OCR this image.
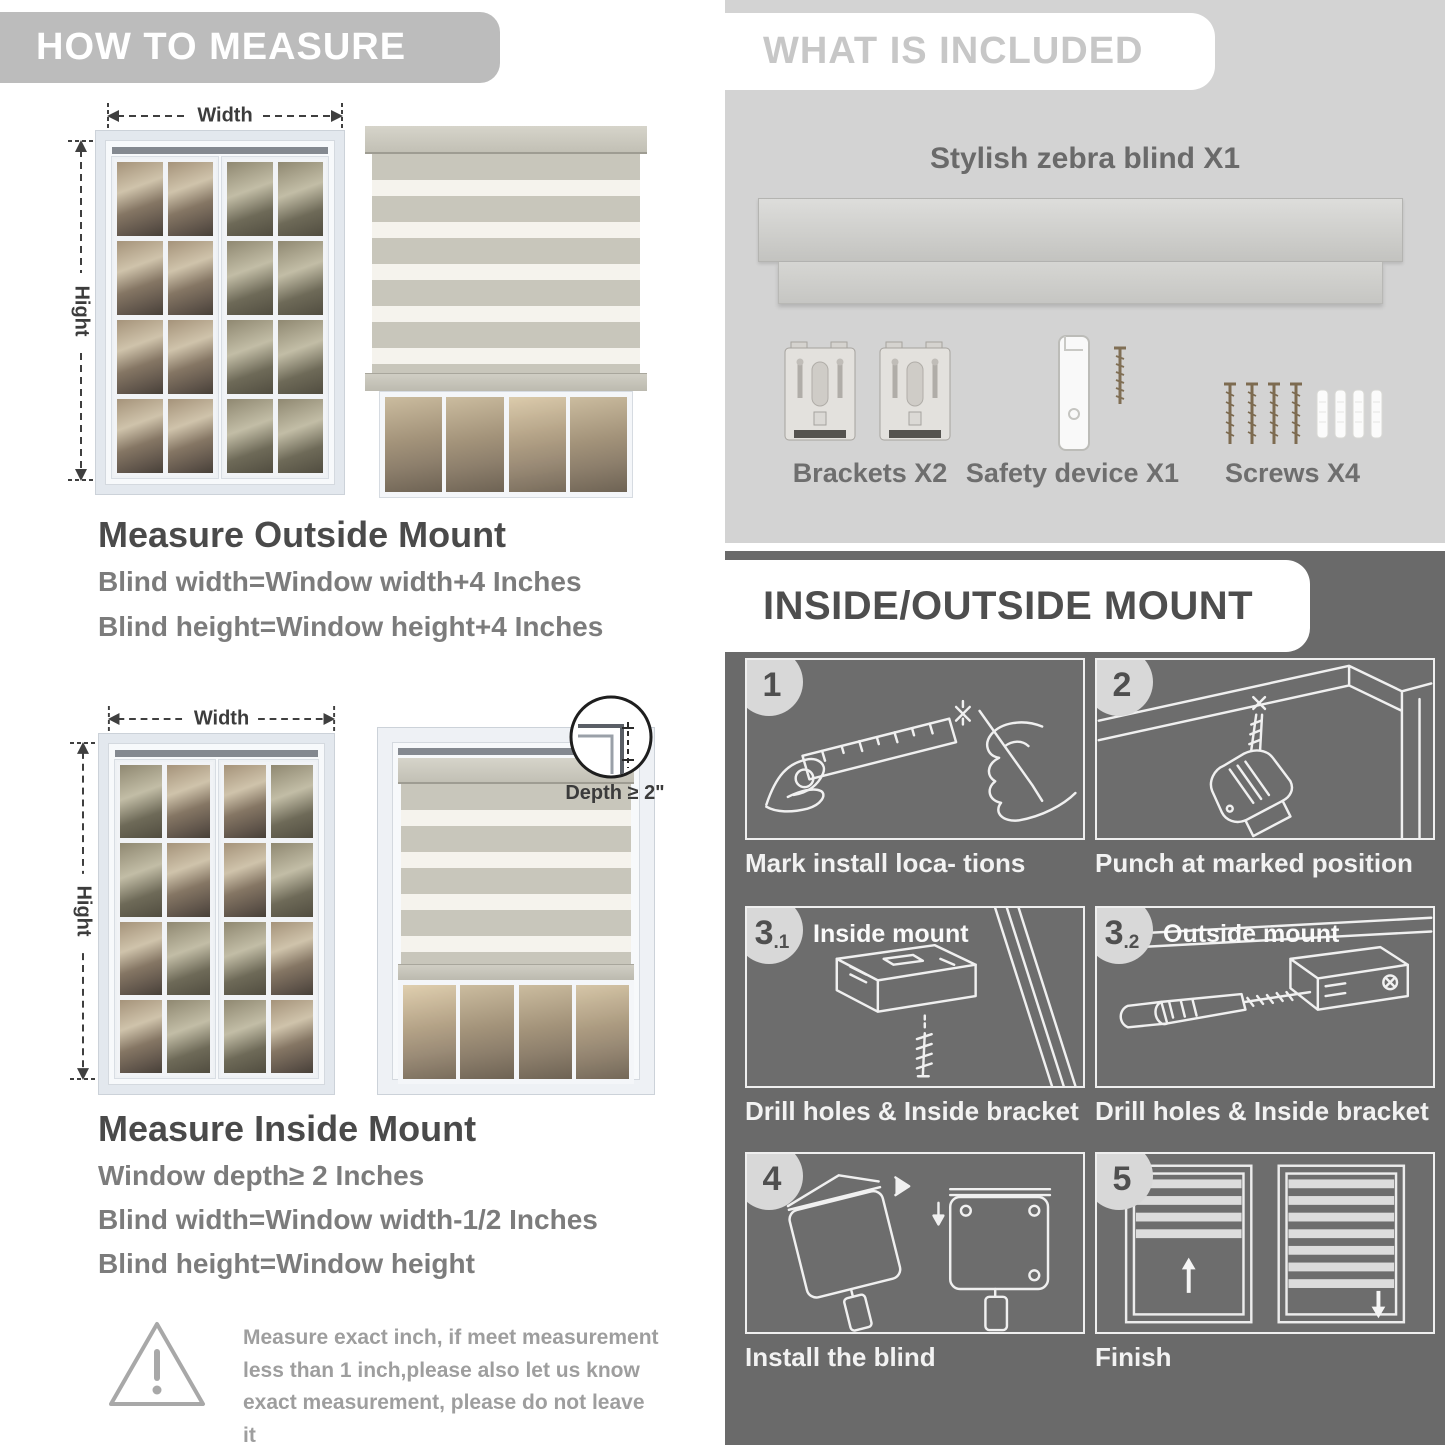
HOW TO MEASURE
Width
Hight
Measure Outside Mount
Blind width=Window width+4 Inches
Blind height=Window height+4 Inches
Width
Hight
Depth ≥ 2"
Measure Inside Mount
Window depth≥ 2 Inches
Blind width=Window width-1/2 Inches
Blind height=Window height
Measure exact inch, if meet measurement less than 1 inch,please also let us know exact measurement, please do not leave it
WHAT IS INCLUDED
Stylish zebra blind X1
Brackets X2 Safety device X1	Screws X4
INSIDE/OUTSIDE MOUNT
1	2
Mark install loca- tions	Punch at marked position
3 .1 Inside mount	3 .2 Outside mount
Drill holes & Inside bracket Drill holes & Inside bracket
4	5
Install the blind	Finish
